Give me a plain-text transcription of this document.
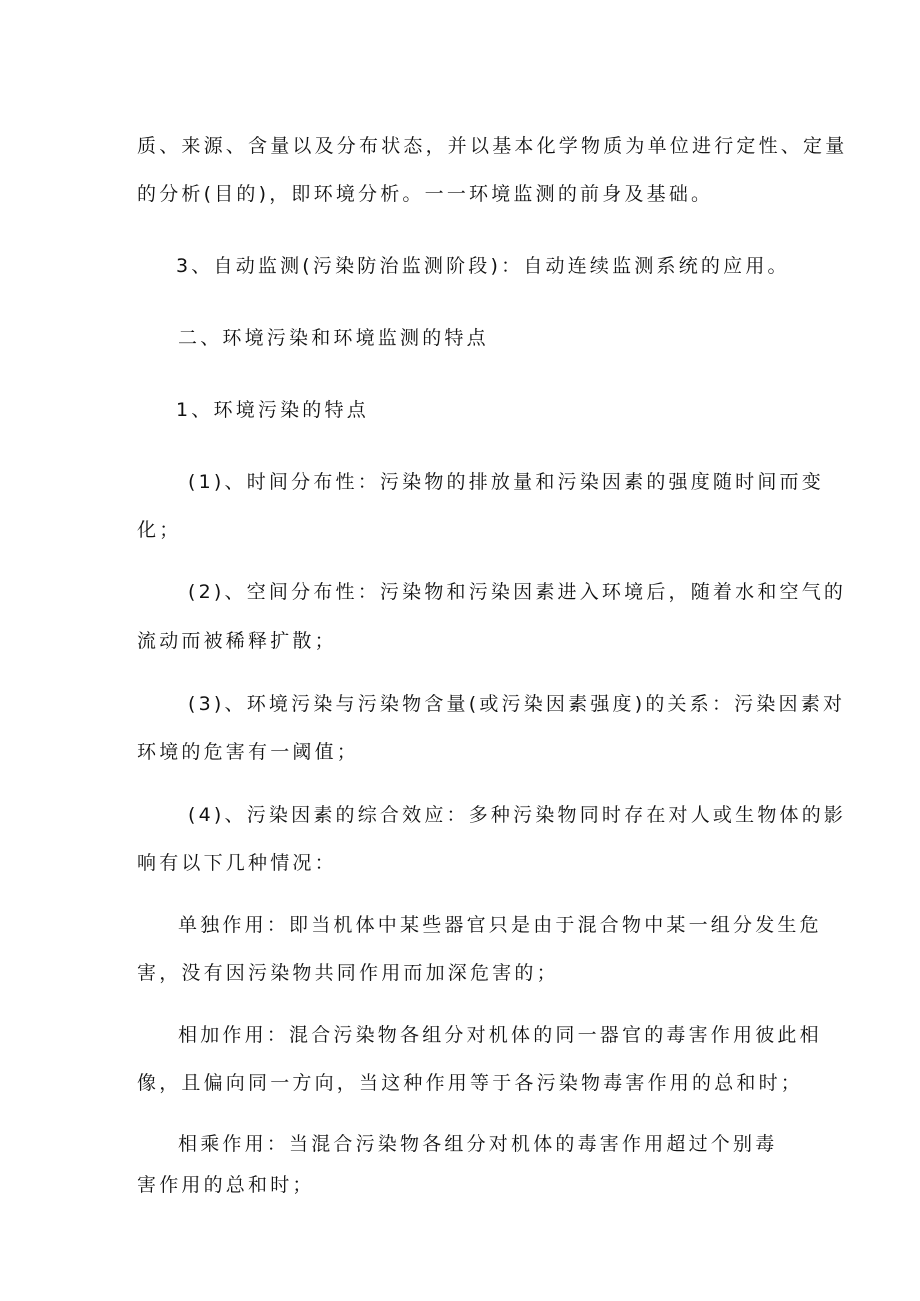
质、来源、含量以及分布状态，并以基本化学物质为单位进行定性、定量
的分析(目的)，即环境分析。一一环境监测的前身及基础。
3、自动监测(污染防治监测阶段)：自动连续监测系统的应用。
二、环境污染和环境监测的特点
1、环境污染的特点
(1)、时间分布性：污染物的排放量和污染因素的强度随时间而变
化；
(2)、空间分布性：污染物和污染因素进入环境后，随着水和空气的
流动而被稀释扩散；
(3)、环境污染与污染物含量(或污染因素强度)的关系：污染因素对
环境的危害有一阈值；
(4)、污染因素的综合效应：多种污染物同时存在对人或生物体的影
响有以下几种情况：
单独作用：即当机体中某些器官只是由于混合物中某一组分发生危
害，没有因污染物共同作用而加深危害的；
相加作用：混合污染物各组分对机体的同一器官的毒害作用彼此相
像，且偏向同一方向，当这种作用等于各污染物毒害作用的总和时；
相乘作用：当混合污染物各组分对机体的毒害作用超过个别毒
害作用的总和时；
